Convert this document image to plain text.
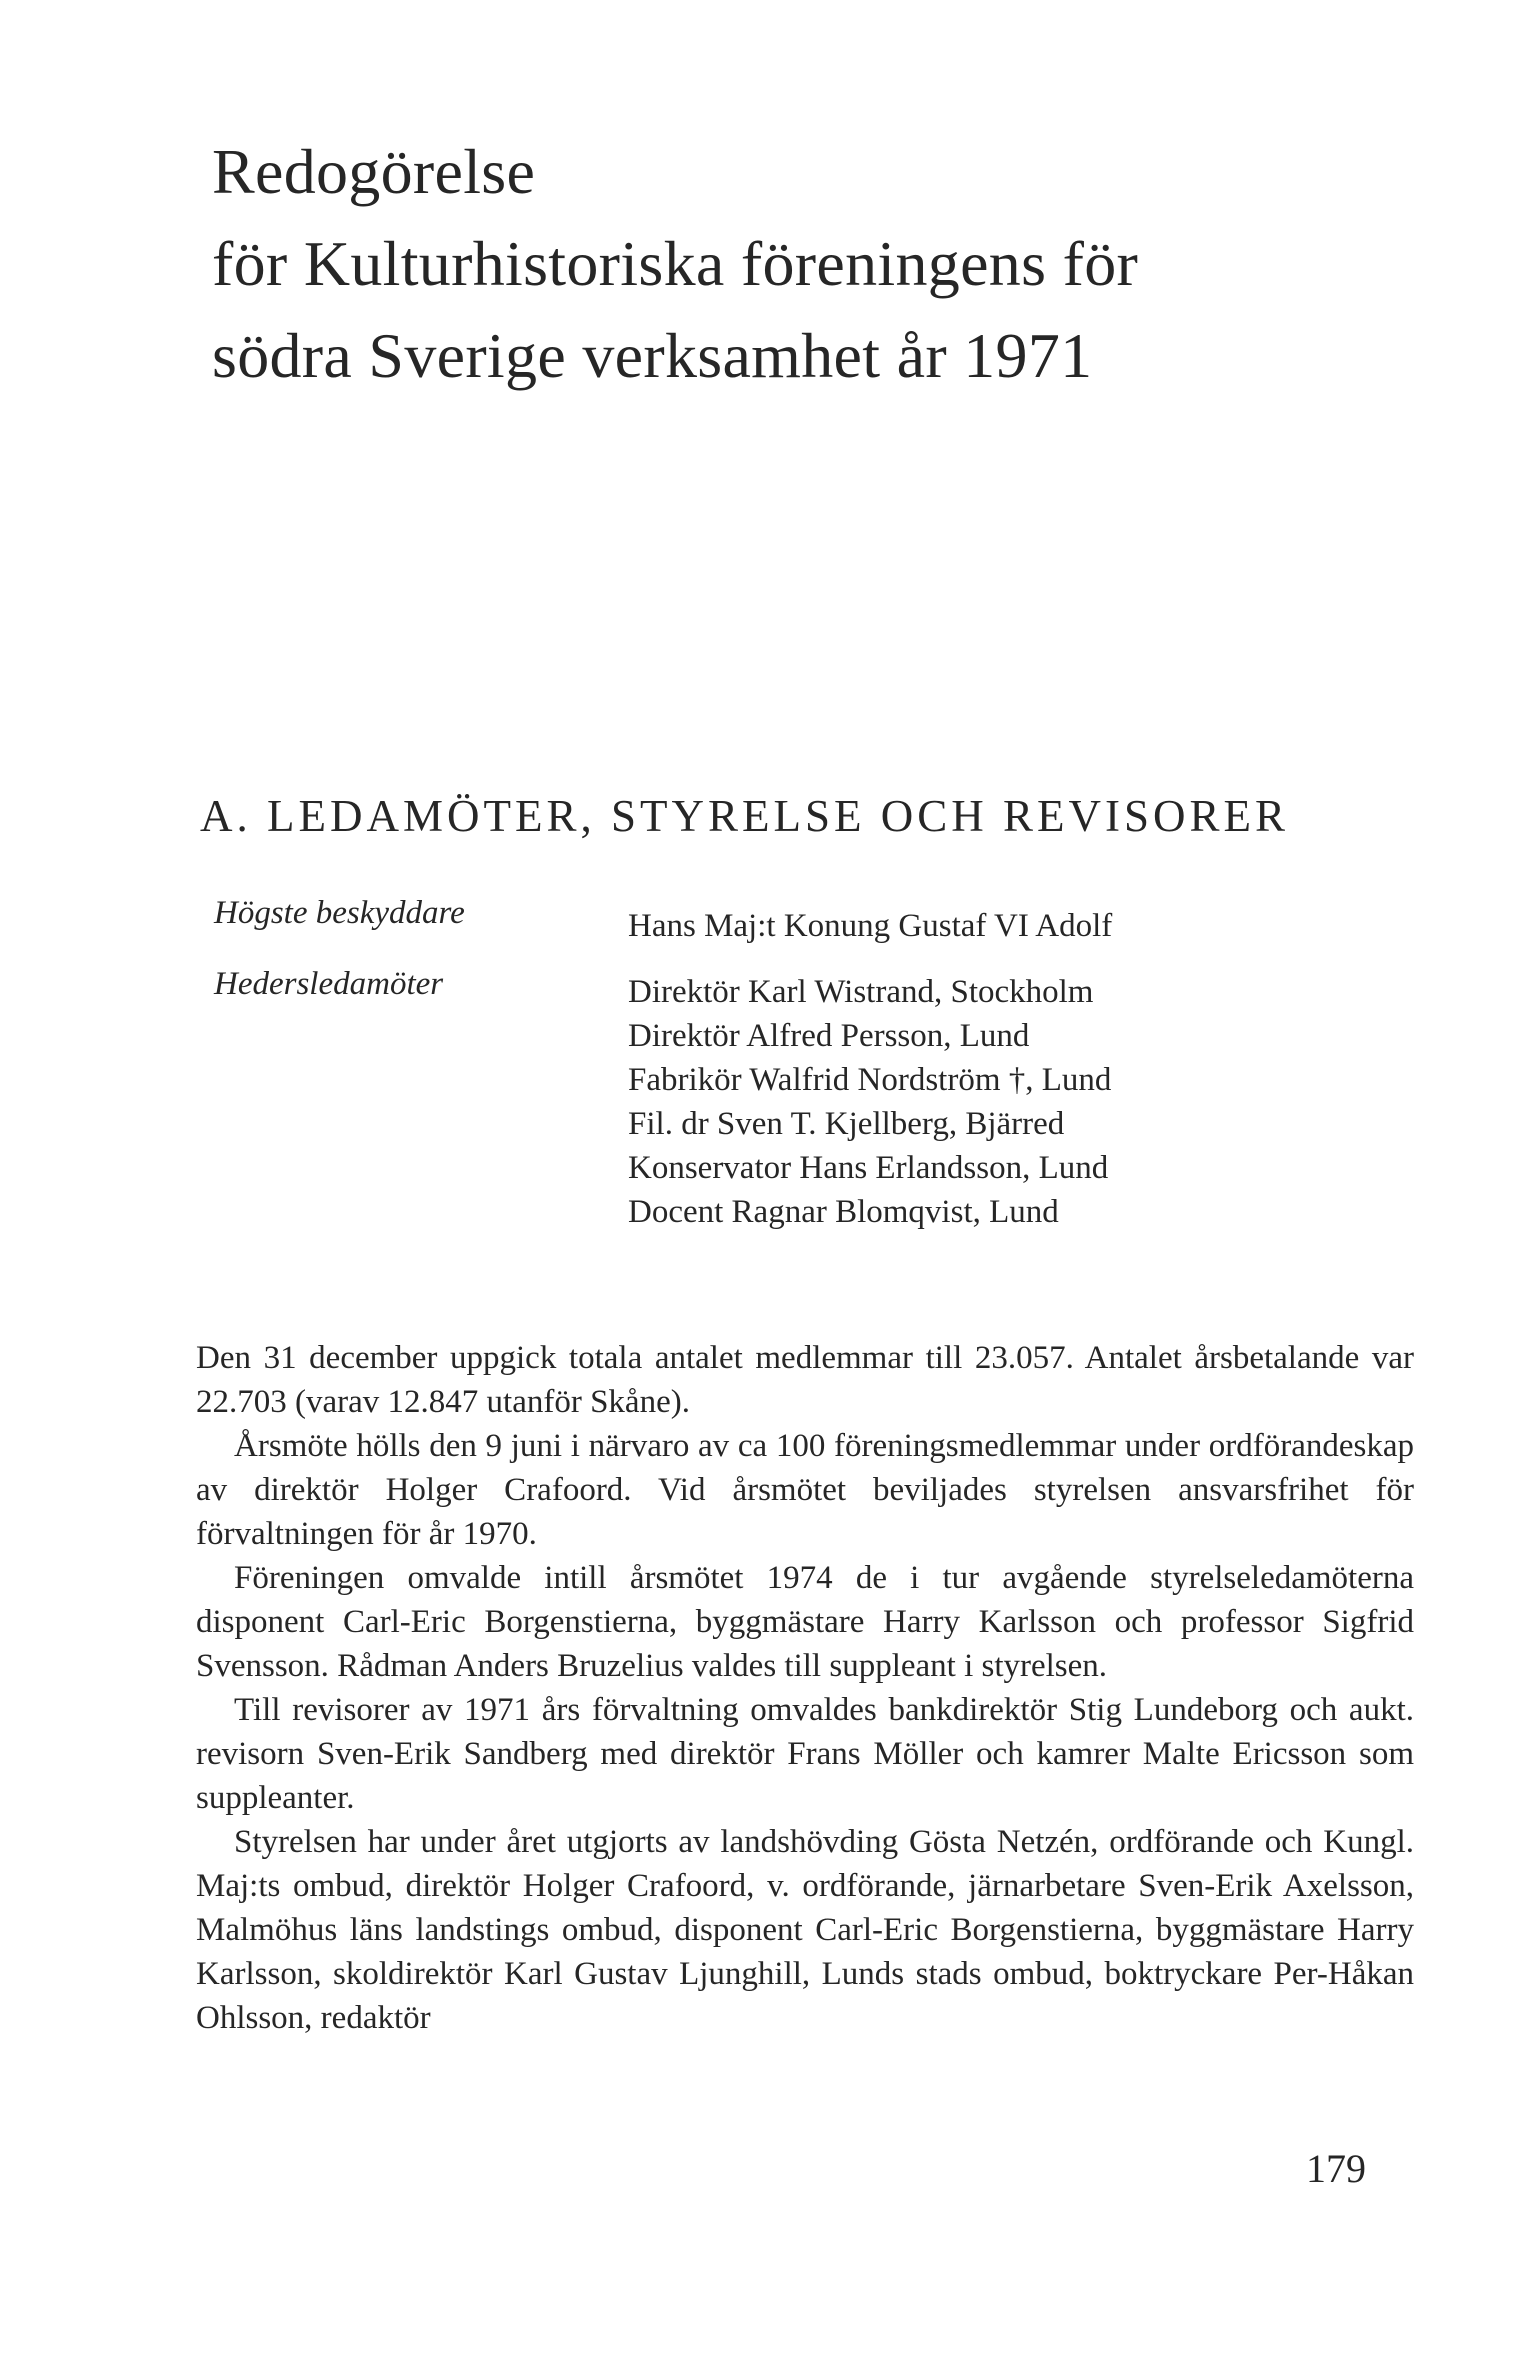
Redogörelse
för Kulturhistoriska föreningens för
södra Sverige verksamhet år 1971
A. LEDAMÖTER, STYRELSE OCH REVISORER
Högste beskyddare	Hans Maj:t Konung Gustaf VI Adolf
Hedersledamöter	Direktör Karl Wistrand, Stockholm
Direktör Alfred Persson, Lund
Fabrikör Walfrid Nordström †, Lund
Fil. dr Sven T. Kjellberg, Bjärred
Konservator Hans Erlandsson, Lund
Docent Ragnar Blomqvist, Lund

Den 31 december uppgick totala antalet medlemmar till 23.057. Antalet årsbetalande var 22.703 (varav 12.847 utanför Skåne).

Årsmöte hölls den 9 juni i närvaro av ca 100 föreningsmedlemmar under ordförandeskap av direktör Holger Crafoord. Vid årsmötet beviljades styrelsen ansvarsfrihet för förvaltningen för år 1970.

Föreningen omvalde intill årsmötet 1974 de i tur avgående styrelseledamöterna disponent Carl-Eric Borgenstierna, byggmästare Harry Karlsson och professor Sigfrid Svensson. Rådman Anders Bruzelius valdes till suppleant i styrelsen.

Till revisorer av 1971 års förvaltning omvaldes bankdirektör Stig Lundeborg och aukt. revisorn Sven-Erik Sandberg med direktör Frans Möller och kamrer Malte Ericsson som suppleanter.

Styrelsen har under året utgjorts av landshövding Gösta Netzén, ordförande och Kungl. Maj:ts ombud, direktör Holger Crafoord, v. ordförande, järnarbetare Sven-Erik Axelsson, Malmöhus läns landstings ombud, disponent Carl-Eric Borgenstierna, byggmästare Harry Karlsson, skoldirektör Karl Gustav Ljunghill, Lunds stads ombud, boktryckare Per-Håkan Ohlsson, redaktör

179
